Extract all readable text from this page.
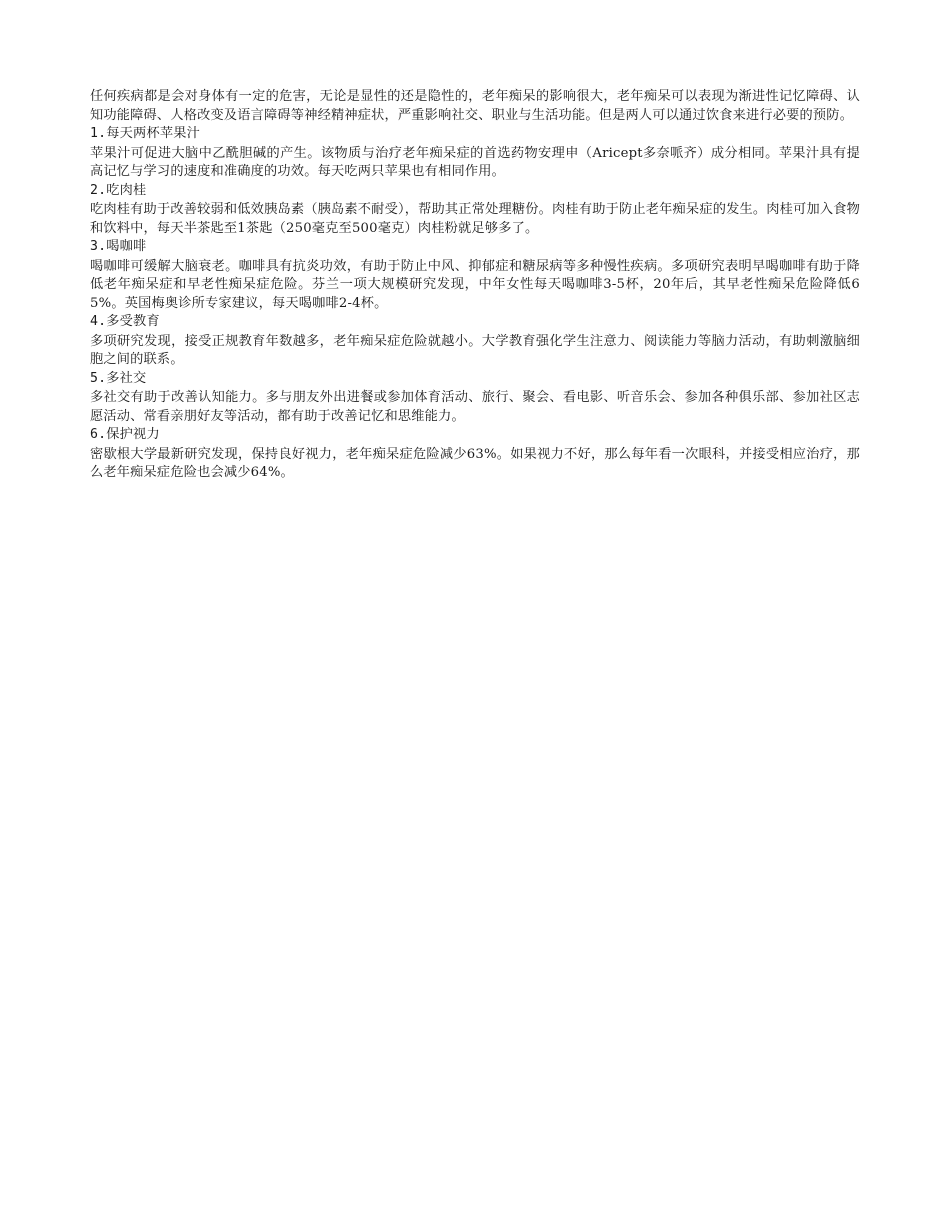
任何疾病都是会对身体有一定的危害，无论是显性的还是隐性的，老年痴呆的影响很大，老年痴呆可以表现为渐进性记忆障碍、认知功能障碍、人格改变及语言障碍等神经精神症状，严重影响社交、职业与生活功能。但是两人可以通过饮食来进行必要的预防。

1.每天两杯苹果汁

苹果汁可促进大脑中乙酰胆碱的产生。该物质与治疗老年痴呆症的首选药物安理申（Aricept多奈哌齐）成分相同。苹果汁具有提高记忆与学习的速度和准确度的功效。每天吃两只苹果也有相同作用。

2.吃肉桂

吃肉桂有助于改善较弱和低效胰岛素（胰岛素不耐受），帮助其正常处理糖份。肉桂有助于防止老年痴呆症的发生。肉桂可加入食物和饮料中，每天半茶匙至1茶匙（250毫克至500毫克）肉桂粉就足够多了。

3.喝咖啡

喝咖啡可缓解大脑衰老。咖啡具有抗炎功效，有助于防止中风、抑郁症和糖尿病等多种慢性疾病。多项研究表明早喝咖啡有助于降低老年痴呆症和早老性痴呆症危险。芬兰一项大规模研究发现，中年女性每天喝咖啡3-5杯，20年后，其早老性痴呆危险降低65%。英国梅奥诊所专家建议，每天喝咖啡2-4杯。

4.多受教育

多项研究发现，接受正规教育年数越多，老年痴呆症危险就越小。大学教育强化学生注意力、阅读能力等脑力活动，有助刺激脑细胞之间的联系。

5.多社交

多社交有助于改善认知能力。多与朋友外出进餐或参加体育活动、旅行、聚会、看电影、听音乐会、参加各种俱乐部、参加社区志愿活动、常看亲朋好友等活动，都有助于改善记忆和思维能力。

6.保护视力

密歇根大学最新研究发现，保持良好视力，老年痴呆症危险减少63%。如果视力不好，那么每年看一次眼科，并接受相应治疗，那么老年痴呆症危险也会减少64%。
